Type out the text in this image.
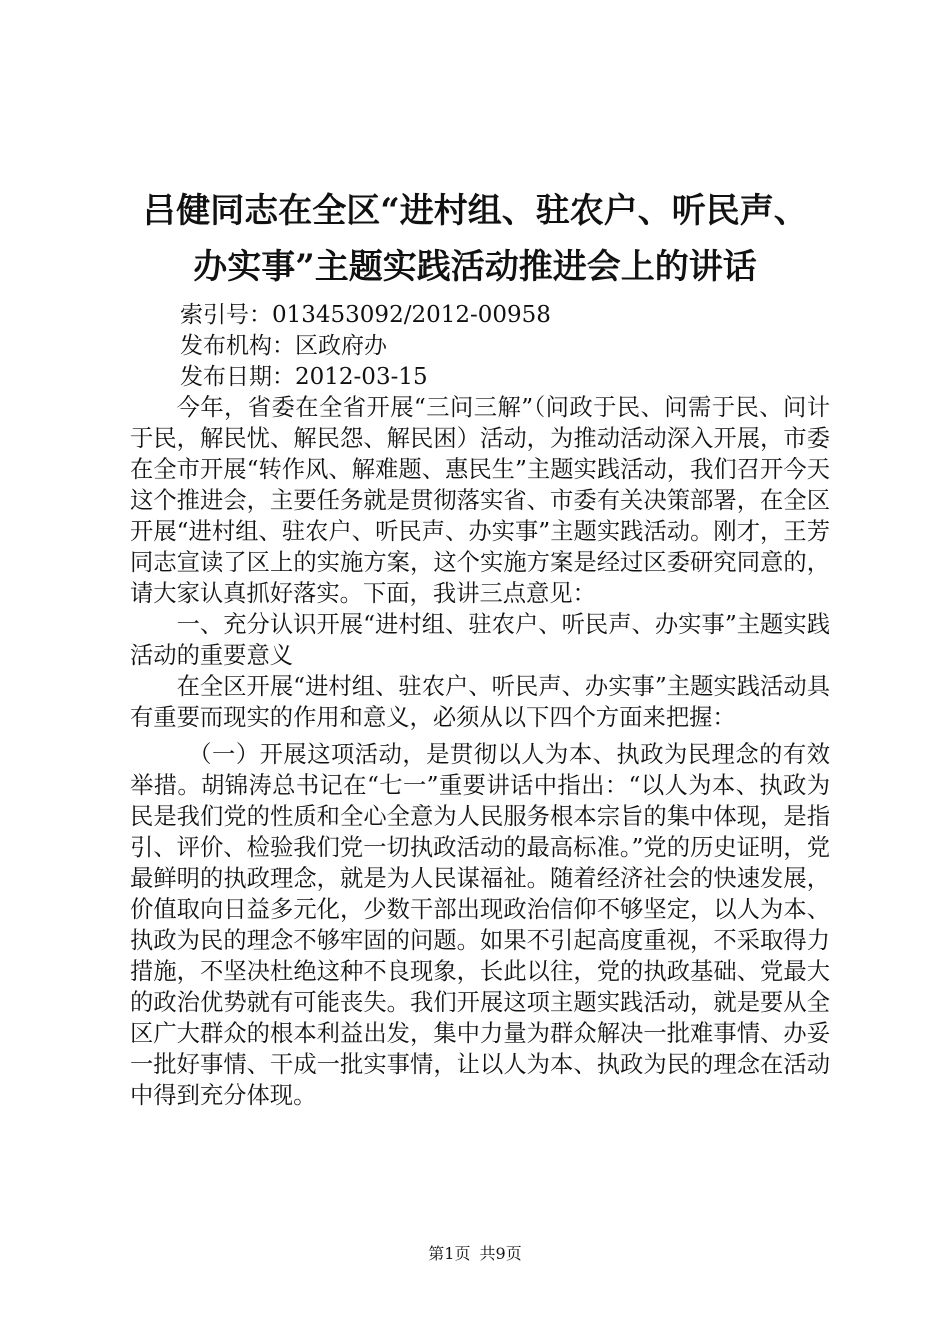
吕健同志在全区“进村组、驻农户、听民声、
办实事”主题实践活动推进会上的讲话

索引号：013453092/2012-00958

发布机构：区政府办

发布日期：2012-03-15

今年，省委在全省开展“三问三解”（问政于民、问需于民、问计于民，解民忧、解民怨、解民困）活动，为推动活动深入开展，市委在全市开展“转作风、解难题、惠民生”主题实践活动，我们召开今天这个推进会，主要任务就是贯彻落实省、市委有关决策部署，在全区开展“进村组、驻农户、听民声、办实事”主题实践活动。刚才，王芳同志宣读了区上的实施方案，这个实施方案是经过区委研究同意的，请大家认真抓好落实。下面，我讲三点意见：

一、充分认识开展“进村组、驻农户、听民声、办实事”主题实践活动的重要意义

在全区开展“进村组、驻农户、听民声、办实事”主题实践活动具有重要而现实的作用和意义，必须从以下四个方面来把握：

（一）开展这项活动，是贯彻以人为本、执政为民理念的有效举措。胡锦涛总书记在“七一”重要讲话中指出：“以人为本、执政为民是我们党的性质和全心全意为人民服务根本宗旨的集中体现，是指引、评价、检验我们党一切执政活动的最高标准。”党的历史证明，党最鲜明的执政理念，就是为人民谋福祉。随着经济社会的快速发展，价值取向日益多元化，少数干部出现政治信仰不够坚定，以人为本、执政为民的理念不够牢固的问题。如果不引起高度重视，不采取得力措施，不坚决杜绝这种不良现象，长此以往，党的执政基础、党最大的政治优势就有可能丧失。我们开展这项主题实践活动，就是要从全区广大群众的根本利益出发，集中力量为群众解决一批难事情、办妥一批好事情、干成一批实事情，让以人为本、执政为民的理念在活动中得到充分体现。

第1页 共9页
